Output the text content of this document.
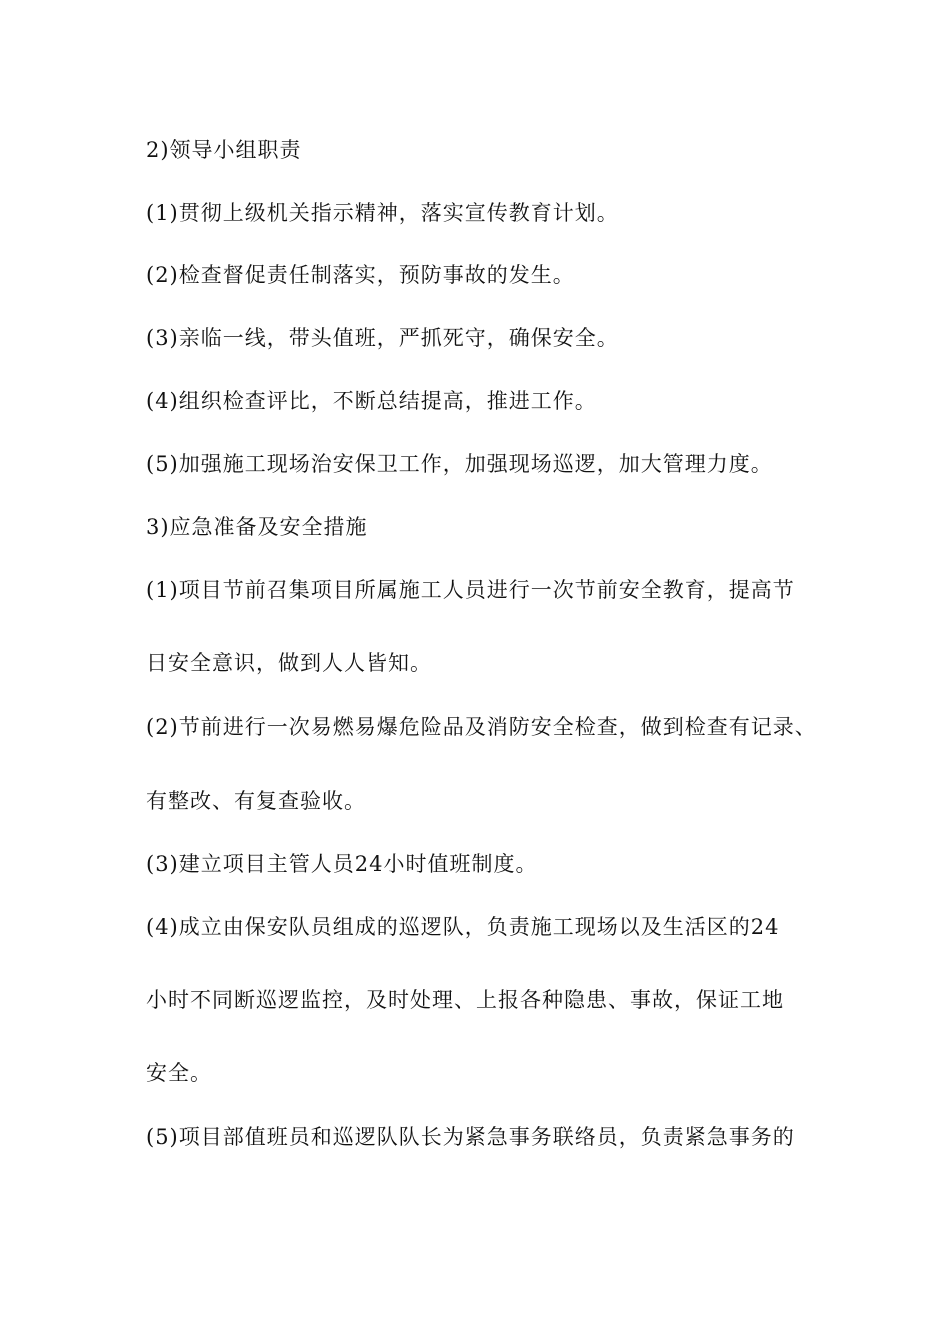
2)领导小组职责

(1)贯彻上级机关指示精神，落实宣传教育计划。

(2)检查督促责任制落实，预防事故的发生。

(3)亲临一线，带头值班，严抓死守，确保安全。

(4)组织检查评比，不断总结提高，推进工作。

(5)加强施工现场治安保卫工作，加强现场巡逻，加大管理力度。

3)应急准备及安全措施

(1)项目节前召集项目所属施工人员进行一次节前安全教育，提高节

日安全意识，做到人人皆知。

(2)节前进行一次易燃易爆危险品及消防安全检查，做到检查有记录、

有整改、有复查验收。

(3)建立项目主管人员24小时值班制度。

(4)成立由保安队员组成的巡逻队，负责施工现场以及生活区的24

小时不同断巡逻监控，及时处理、上报各种隐患、事故，保证工地

安全。

(5)项目部值班员和巡逻队队长为紧急事务联络员，负责紧急事务的
